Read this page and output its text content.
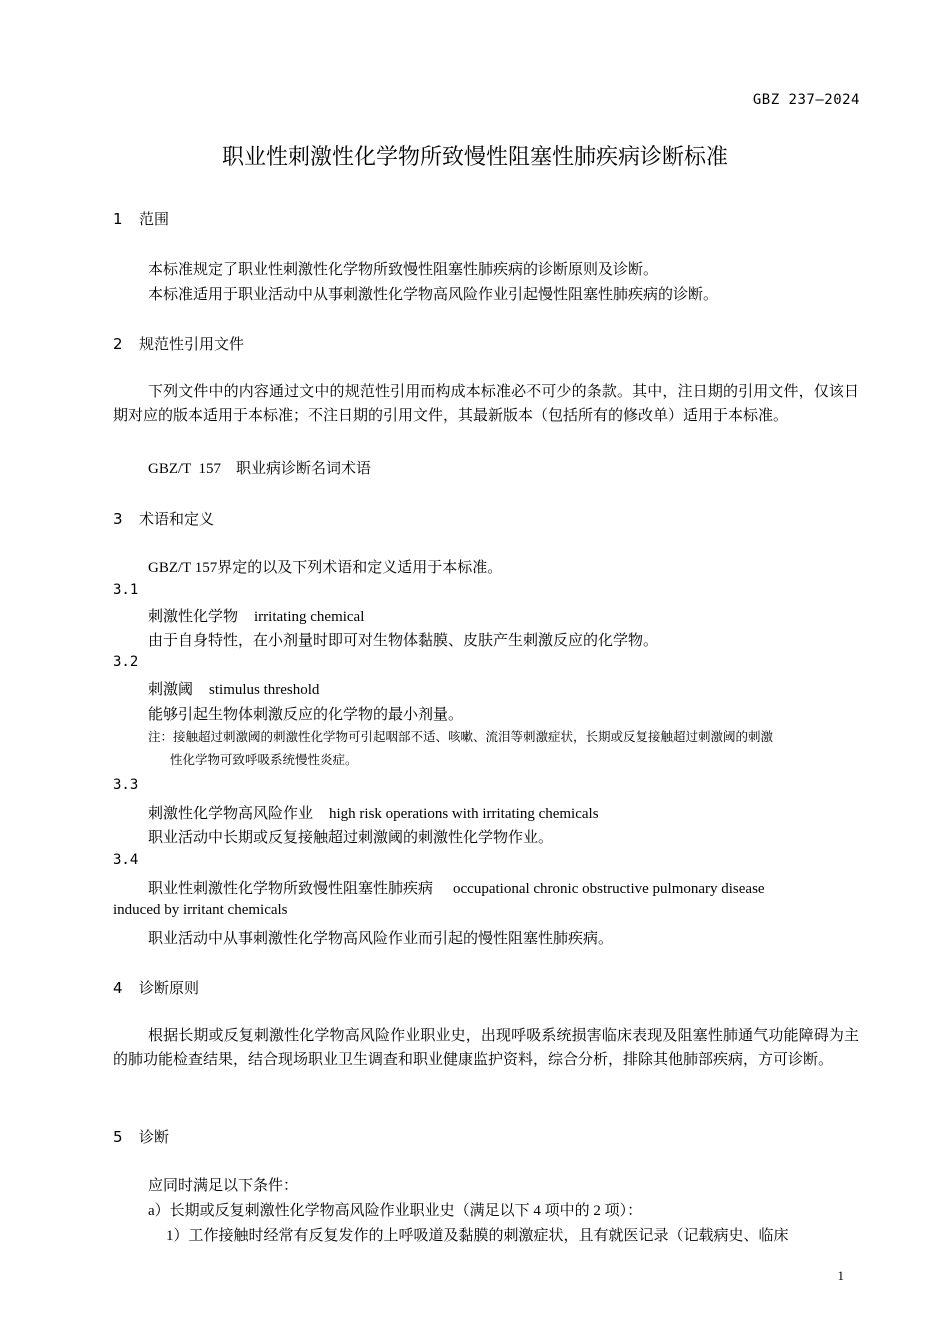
GBZ 237—2024
职业性刺激性化学物所致慢性阻塞性肺疾病诊断标准
1 范围
本标准规定了职业性刺激性化学物所致慢性阻塞性肺疾病的诊断原则及诊断。
本标准适用于职业活动中从事刺激性化学物高风险作业引起慢性阻塞性肺疾病的诊断。
2 规范性引用文件
下列文件中的内容通过文中的规范性引用而构成本标准必不可少的条款。其中，注日期的引用文件，仅该日期对应的版本适用于本标准；不注日期的引用文件，其最新版本（包括所有的修改单）适用于本标准。
GBZ/T  157    职业病诊断名词术语
3 术语和定义
GBZ/T 157界定的以及下列术语和定义适用于本标准。
3.1
刺激性化学物 irritating chemical
由于自身特性，在小剂量时即可对生物体黏膜、皮肤产生刺激反应的化学物。
3.2
刺激阈 stimulus threshold
能够引起生物体刺激反应的化学物的最小剂量。
注：接触超过刺激阈的刺激性化学物可引起咽部不适、咳嗽、流泪等刺激症状，长期或反复接触超过刺激阈的刺激
性化学物可致呼吸系统慢性炎症。
3.3
刺激性化学物高风险作业 high risk operations with irritating chemicals
职业活动中长期或反复接触超过刺激阈的刺激性化学物作业。
3.4
职业性刺激性化学物所致慢性阻塞性肺疾病 occupational chronic obstructive pulmonary disease
induced by irritant chemicals
职业活动中从事刺激性化学物高风险作业而引起的慢性阻塞性肺疾病。
4 诊断原则
根据长期或反复刺激性化学物高风险作业职业史，出现呼吸系统损害临床表现及阻塞性肺通气功能障碍为主的肺功能检查结果，结合现场职业卫生调查和职业健康监护资料，综合分析，排除其他肺部疾病，方可诊断。
5 诊断
应同时满足以下条件：
a）长期或反复刺激性化学物高风险作业职业史（满足以下 4 项中的 2 项）：
1）工作接触时经常有反复发作的上呼吸道及黏膜的刺激症状，且有就医记录（记载病史、临床
1
